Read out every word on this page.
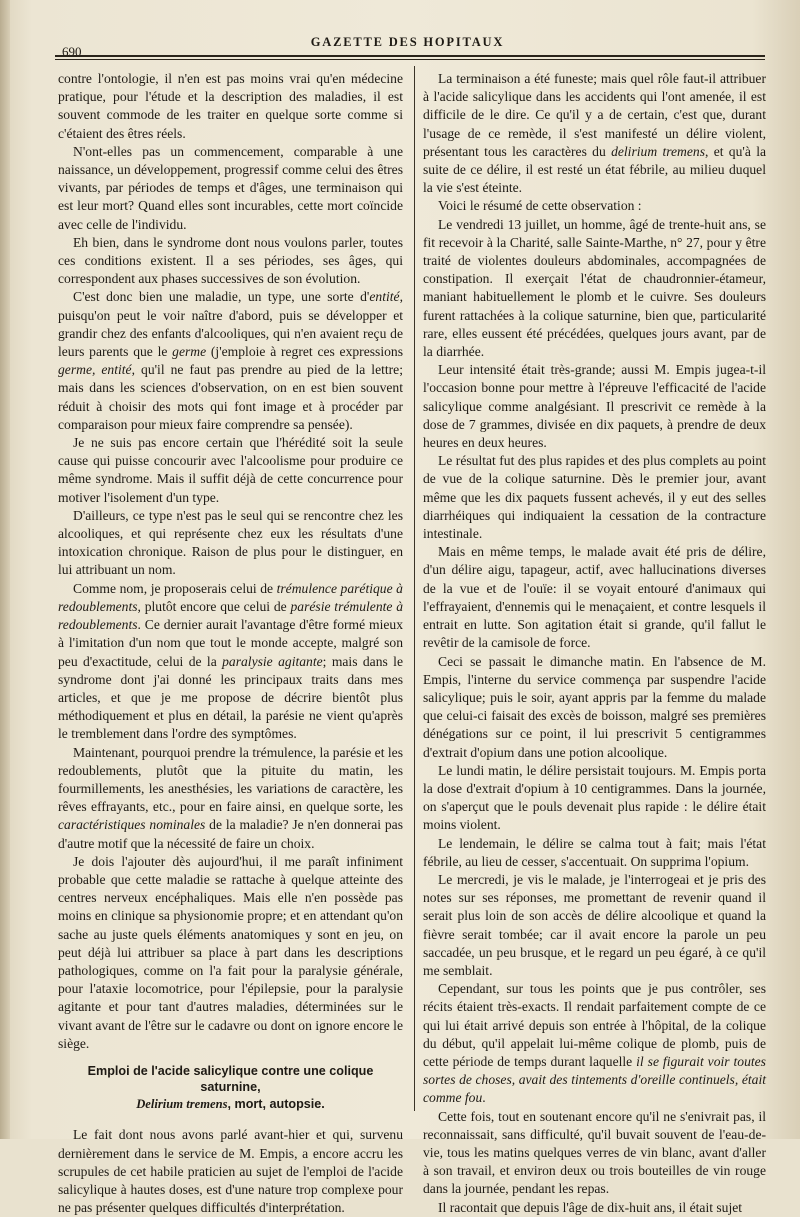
690
GAZETTE DES HOPITAUX

contre l'ontologie, il n'en est pas moins vrai qu'en médecine pratique, pour l'étude et la description des maladies, il est souvent commode de les traiter en quelque sorte comme si c'étaient des êtres réels.

N'ont-elles pas un commencement, comparable à une naissance, un développement, progressif comme celui des êtres vivants, par périodes de temps et d'âges, une terminaison qui est leur mort? Quand elles sont incurables, cette mort coïncide avec celle de l'individu.

Eh bien, dans le syndrome dont nous voulons parler, toutes ces conditions existent. Il a ses périodes, ses âges, qui correspondent aux phases successives de son évolution.

C'est donc bien une maladie, un type, une sorte d'entité, puisqu'on peut le voir naître d'abord, puis se développer et grandir chez des enfants d'alcooliques, qui n'en avaient reçu de leurs parents que le germe (j'emploie à regret ces expressions germe, entité, qu'il ne faut pas prendre au pied de la lettre; mais dans les sciences d'observation, on en est bien souvent réduit à choisir des mots qui font image et à procéder par comparaison pour mieux faire comprendre sa pensée).

Je ne suis pas encore certain que l'hérédité soit la seule cause qui puisse concourir avec l'alcoolisme pour produire ce même syndrome. Mais il suffit déjà de cette concurrence pour motiver l'isolement d'un type.

D'ailleurs, ce type n'est pas le seul qui se rencontre chez les alcooliques, et qui représente chez eux les résultats d'une intoxication chronique. Raison de plus pour le distinguer, en lui attribuant un nom.

Comme nom, je proposerais celui de trémulence parétique à redoublements, plutôt encore que celui de parésie trémulente à redoublements. Ce dernier aurait l'avantage d'être formé mieux à l'imitation d'un nom que tout le monde accepte, malgré son peu d'exactitude, celui de la paralysie agitante; mais dans le syndrome dont j'ai donné les principaux traits dans mes articles, et que je me propose de décrire bientôt plus méthodiquement et plus en détail, la parésie ne vient qu'après le tremblement dans l'ordre des symptômes.

Maintenant, pourquoi prendre la trémulence, la parésie et les redoublements, plutôt que la pituite du matin, les fourmillements, les anesthésies, les variations de caractère, les rêves effrayants, etc., pour en faire ainsi, en quelque sorte, les caractéristiques nominales de la maladie? Je n'en donnerai pas d'autre motif que la nécessité de faire un choix.

Je dois l'ajouter dès aujourd'hui, il me paraît infiniment probable que cette maladie se rattache à quelque atteinte des centres nerveux encéphaliques. Mais elle n'en possède pas moins en clinique sa physionomie propre; et en attendant qu'on sache au juste quels éléments anatomiques y sont en jeu, on peut déjà lui attribuer sa place à part dans les descriptions pathologiques, comme on l'a fait pour la paralysie générale, pour l'ataxie locomotrice, pour l'épilepsie, pour la paralysie agitante et pour tant d'autres maladies, déterminées sur le vivant avant de l'être sur le cadavre ou dont on ignore encore le siège.

Emploi de l'acide salicylique contre une colique saturnine,
Delirium tremens, mort, autopsie.

Le fait dont nous avons parlé avant-hier et qui, survenu dernièrement dans le service de M. Empis, a encore accru les scrupules de cet habile praticien au sujet de l'emploi de l'acide salicylique à hautes doses, est d'une nature trop complexe pour ne pas présenter quelques difficultés d'interprétation.

La terminaison a été funeste; mais quel rôle faut-il attribuer à l'acide salicylique dans les accidents qui l'ont amenée, il est difficile de le dire. Ce qu'il y a de certain, c'est que, durant l'usage de ce remède, il s'est manifesté un délire violent, présentant tous les caractères du delirium tremens, et qu'à la suite de ce délire, il est resté un état fébrile, au milieu duquel la vie s'est éteinte.

Voici le résumé de cette observation :

Le vendredi 13 juillet, un homme, âgé de trente-huit ans, se fit recevoir à la Charité, salle Sainte-Marthe, n° 27, pour y être traité de violentes douleurs abdominales, accompagnées de constipation. Il exerçait l'état de chaudronnier-étameur, maniant habituellement le plomb et le cuivre. Ses douleurs furent rattachées à la colique saturnine, bien que, particularité rare, elles eussent été précédées, quelques jours avant, par de la diarrhée.

Leur intensité était très-grande; aussi M. Empis jugea-t-il l'occasion bonne pour mettre à l'épreuve l'efficacité de l'acide salicylique comme analgésiant. Il prescrivit ce remède à la dose de 7 grammes, divisée en dix paquets, à prendre de deux heures en deux heures.

Le résultat fut des plus rapides et des plus complets au point de vue de la colique saturnine. Dès le premier jour, avant même que les dix paquets fussent achevés, il y eut des selles diarrhéiques qui indiquaient la cessation de la contracture intestinale.

Mais en même temps, le malade avait été pris de délire, d'un délire aigu, tapageur, actif, avec hallucinations diverses de la vue et de l'ouïe: il se voyait entouré d'animaux qui l'effrayaient, d'ennemis qui le menaçaient, et contre lesquels il entrait en lutte. Son agitation était si grande, qu'il fallut le revêtir de la camisole de force.

Ceci se passait le dimanche matin. En l'absence de M. Empis, l'interne du service commença par suspendre l'acide salicylique; puis le soir, ayant appris par la femme du malade que celui-ci faisait des excès de boisson, malgré ses premières dénégations sur ce point, il lui prescrivit 5 centigrammes d'extrait d'opium dans une potion alcoolique.

Le lundi matin, le délire persistait toujours. M. Empis porta la dose d'extrait d'opium à 10 centigrammes. Dans la journée, on s'aperçut que le pouls devenait plus rapide : le délire était moins violent.

Le lendemain, le délire se calma tout à fait; mais l'état fébrile, au lieu de cesser, s'accentuait. On supprima l'opium.

Le mercredi, je vis le malade, je l'interrogeai et je pris des notes sur ses réponses, me promettant de revenir quand il serait plus loin de son accès de délire alcoolique et quand la fièvre serait tombée; car il avait encore la parole un peu saccadée, un peu brusque, et le regard un peu égaré, à ce qu'il me semblait.

Cependant, sur tous les points que je pus contrôler, ses récits étaient très-exacts. Il rendait parfaitement compte de ce qui lui était arrivé depuis son entrée à l'hôpital, de la colique du début, qu'il appelait lui-même colique de plomb, puis de cette période de temps durant laquelle il se figurait voir toutes sortes de choses, avait des tintements d'oreille continuels, était comme fou.

Cette fois, tout en soutenant encore qu'il ne s'enivrait pas, il reconnaissait, sans difficulté, qu'il buvait souvent de l'eau-de-vie, tous les matins quelques verres de vin blanc, avant d'aller à son travail, et environ deux ou trois bouteilles de vin rouge dans la journée, pendant les repas.

Il racontait que depuis l'âge de dix-huit ans, il était sujet
